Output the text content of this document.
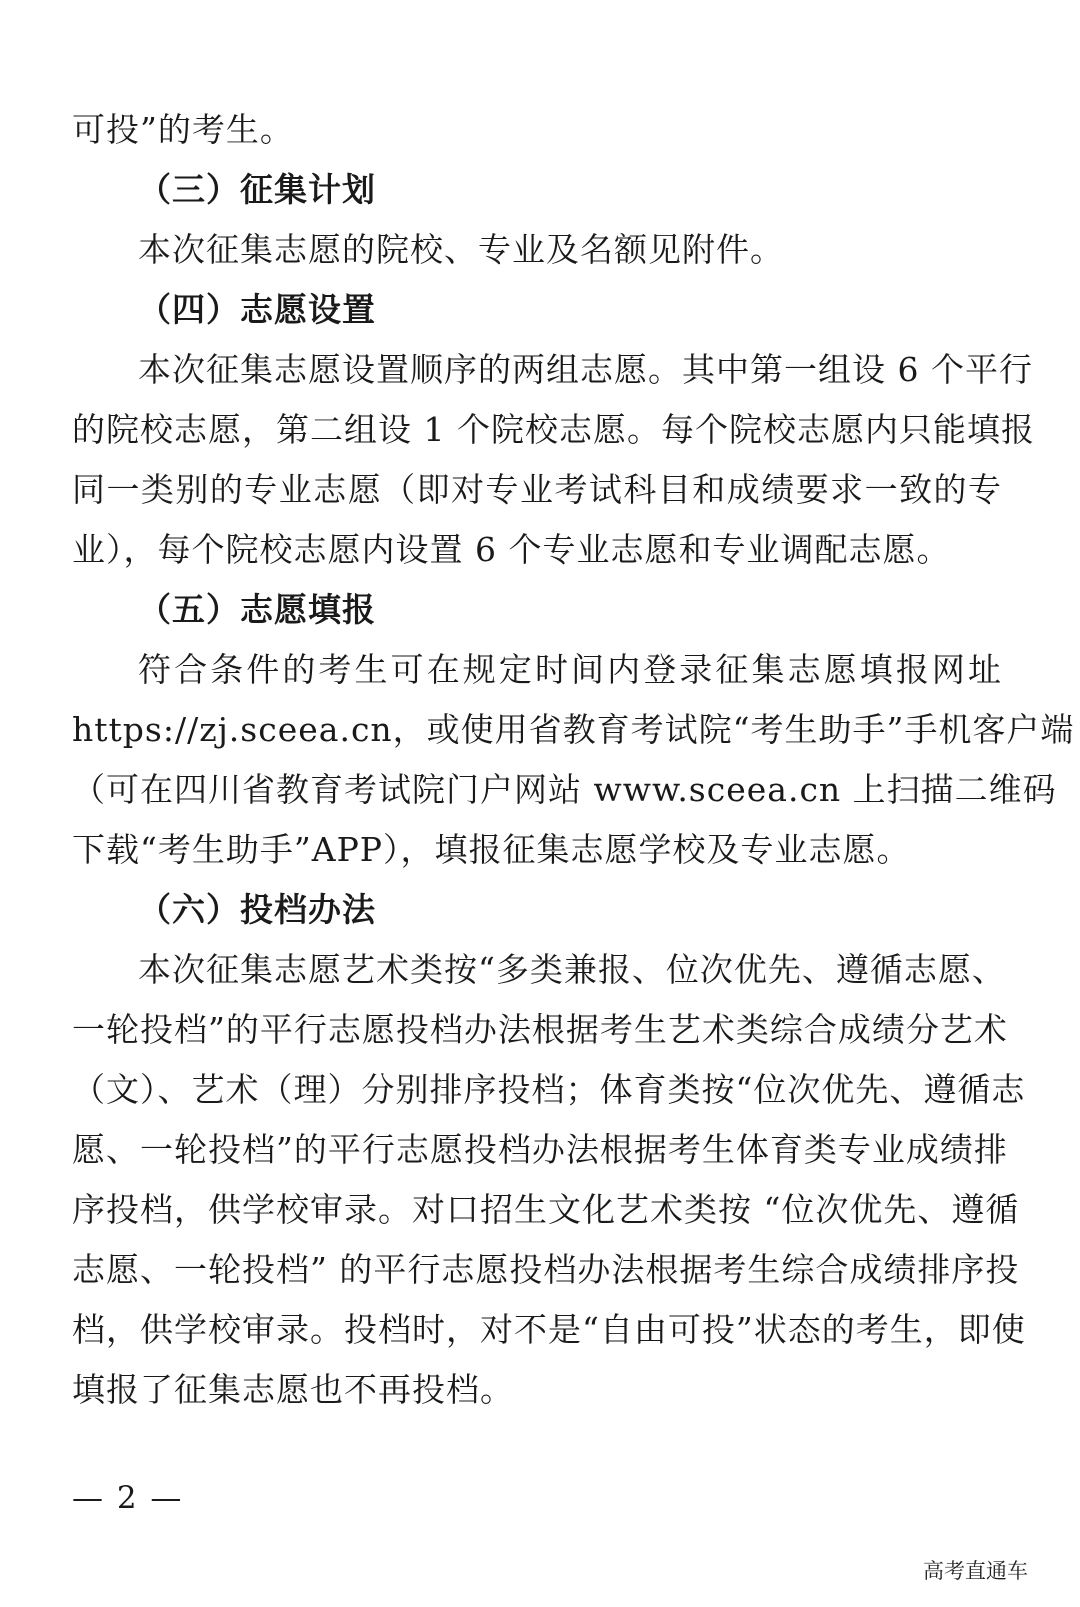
可投”的考生。
（三）征集计划
本次征集志愿的院校、专业及名额见附件。
（四）志愿设置
本次征集志愿设置顺序的两组志愿。其中第一组设 6 个平行
的院校志愿，第二组设 1 个院校志愿。每个院校志愿内只能填报
同一类别的专业志愿（即对专业考试科目和成绩要求一致的专
业），每个院校志愿内设置 6 个专业志愿和专业调配志愿。
（五）志愿填报
符合条件的考生可在规定时间内登录征集志愿填报网址
https://zj.sceea.cn，或使用省教育考试院“考生助手”手机客户端
（可在四川省教育考试院门户网站 www.sceea.cn 上扫描二维码
下载“考生助手”APP），填报征集志愿学校及专业志愿。
（六）投档办法
本次征集志愿艺术类按“多类兼报、位次优先、遵循志愿、
一轮投档”的平行志愿投档办法根据考生艺术类综合成绩分艺术
（文）、艺术（理）分别排序投档；体育类按“位次优先、遵循志
愿、一轮投档”的平行志愿投档办法根据考生体育类专业成绩排
序投档，供学校审录。对口招生文化艺术类按 “位次优先、遵循
志愿、一轮投档” 的平行志愿投档办法根据考生综合成绩排序投
档，供学校审录。投档时，对不是“自由可投”状态的考生，即使
填报了征集志愿也不再投档。
— 2 —
高考直通车
